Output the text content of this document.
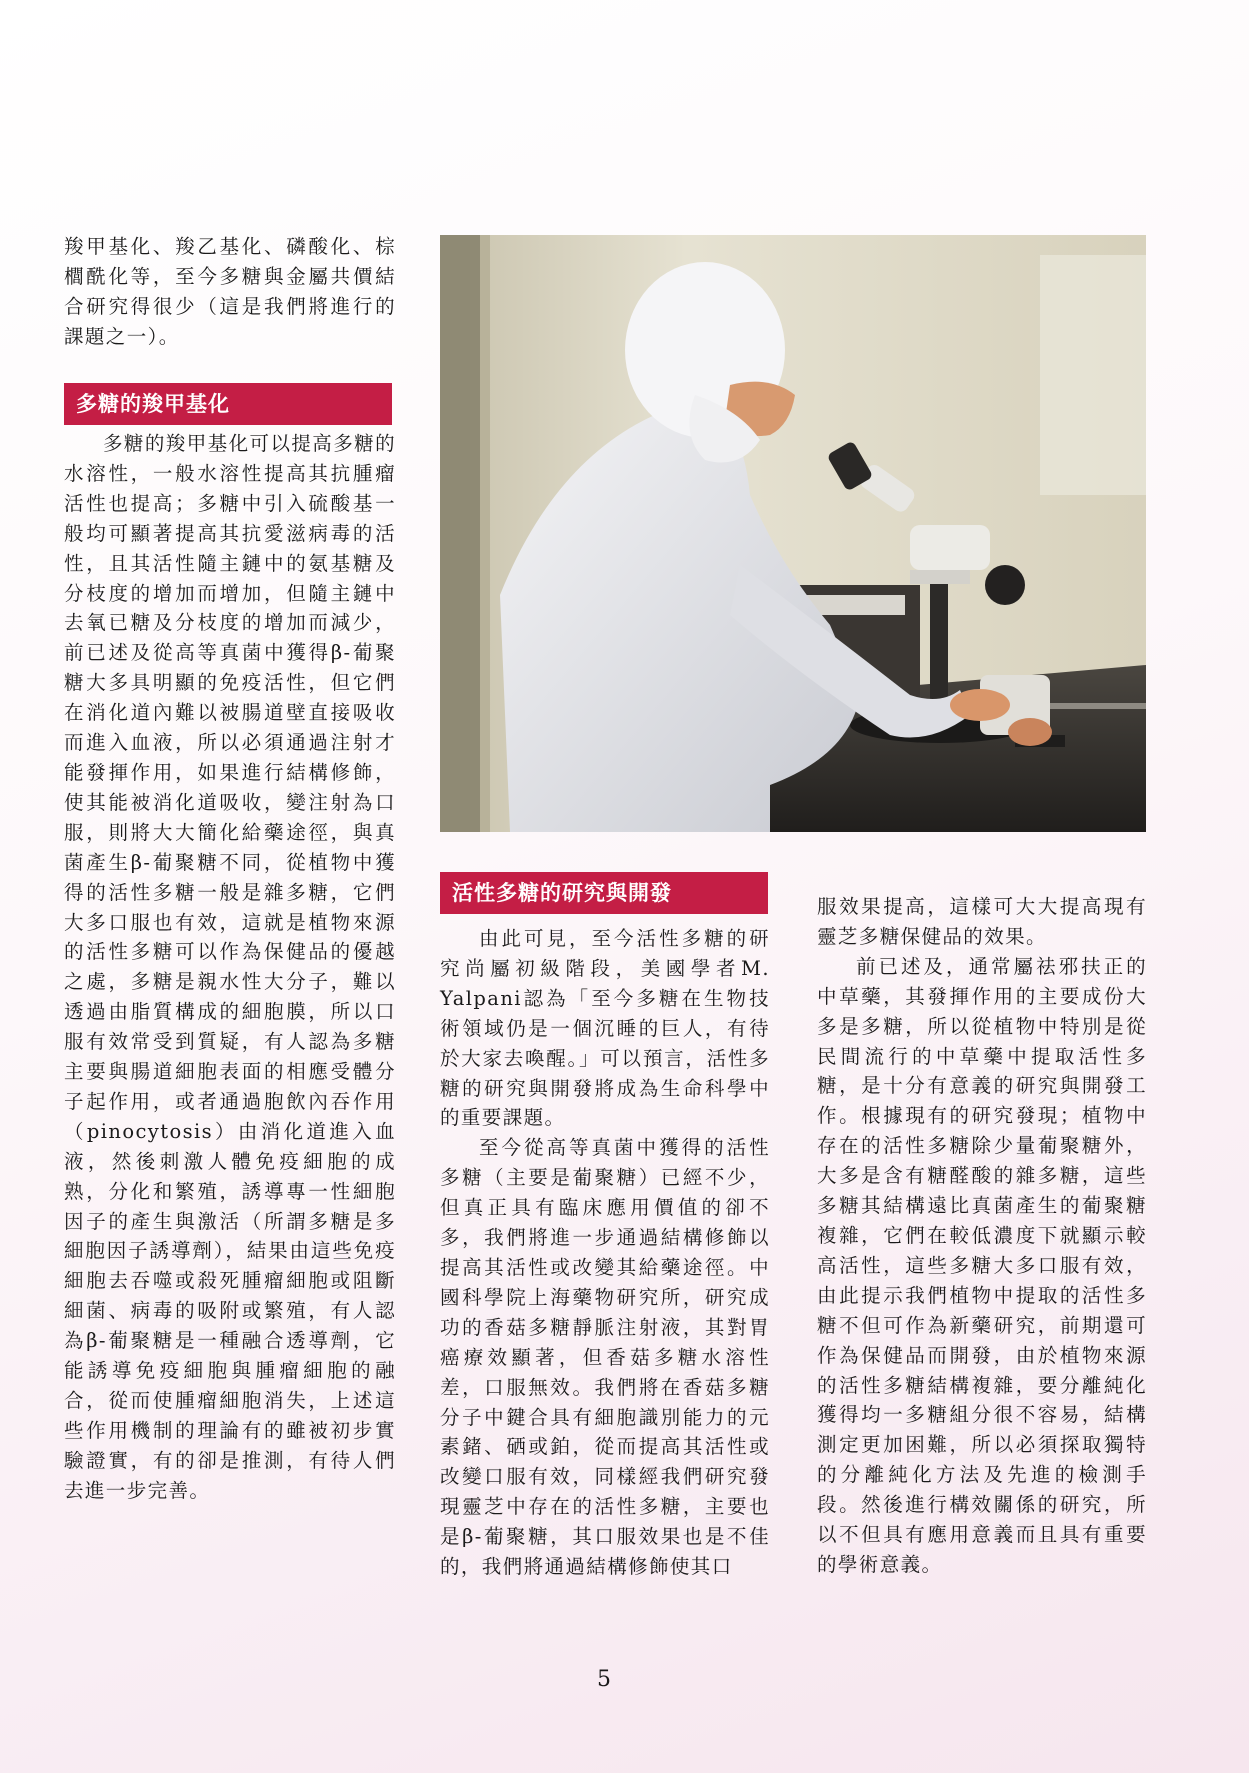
羧甲基化、羧乙基化、磷酸化、棕櫚酰化等，至今多糖與金屬共價結合研究得很少（這是我們將進行的課題之一）。

多糖的羧甲基化可以提高多糖的水溶性，一般水溶性提高其抗腫瘤活性也提高；多糖中引入硫酸基一般均可顯著提高其抗愛滋病毒的活性，且其活性隨主鏈中的氨基糖及分枝度的增加而增加，但隨主鏈中去氧已糖及分枝度的增加而減少，前已述及從高等真菌中獲得β-葡聚糖大多具明顯的免疫活性，但它們在消化道內難以被腸道壁直接吸收而進入血液，所以必須通過注射才能發揮作用，如果進行結構修飾，使其能被消化道吸收，變注射為口服，則將大大簡化給藥途徑，與真菌產生β-葡聚糖不同，從植物中獲得的活性多糖一般是雜多糖，它們大多口服也有效，這就是植物來源的活性多糖可以作為保健品的優越之處，多糖是親水性大分子，難以透過由脂質構成的細胞膜，所以口服有效常受到質疑，有人認為多糖主要與腸道細胞表面的相應受體分子起作用，或者通過胞飲內吞作用（pinocytosis）由消化道進入血液，然後刺激人體免疫細胞的成熟，分化和繁殖，誘導專一性細胞因子的產生與激活（所謂多糖是多細胞因子誘導劑），結果由這些免疫細胞去吞噬或殺死腫瘤細胞或阻斷細菌、病毒的吸附或繁殖，有人認為β-葡聚糖是一種融合透導劑，它能誘導免疫細胞與腫瘤細胞的融合，從而使腫瘤細胞消失，上述這些作用機制的理論有的雖被初步實驗證實，有的卻是推測，有待人們去進一步完善。

多糖的羧甲基化
活性多糖的研究與開發

由此可見，至今活性多糖的研究尚屬初級階段，美國學者M. Yalpani認為「至今多糖在生物技術領域仍是一個沉睡的巨人，有待於大家去喚醒。」可以預言，活性多糖的研究與開發將成為生命科學中的重要課題。

至今從高等真菌中獲得的活性多糖（主要是葡聚糖）已經不少，但真正具有臨床應用價值的卻不多，我們將進一步通過結構修飾以提高其活性或改變其給藥途徑。中國科學院上海藥物研究所，研究成功的香菇多糖靜脈注射液，其對胃癌療效顯著，但香菇多糖水溶性差，口服無效。我們將在香菇多糖分子中鍵合具有細胞識別能力的元素鍺、硒或鉑，從而提高其活性或改變口服有效，同樣經我們研究發現靈芝中存在的活性多糖，主要也是β-葡聚糖，其口服效果也是不佳的，我們將通過結構修飾使其口

服效果提高，這樣可大大提高現有靈芝多糖保健品的效果。

前已述及，通常屬祛邪扶正的中草藥，其發揮作用的主要成份大多是多糖，所以從植物中特別是從民間流行的中草藥中提取活性多糖，是十分有意義的研究與開發工作。根據現有的研究發現；植物中存在的活性多糖除少量葡聚糖外，大多是含有糖醛酸的雜多糖，這些多糖其結構遠比真菌產生的葡聚糖複雜，它們在較低濃度下就顯示較高活性，這些多糖大多口服有效，由此提示我們植物中提取的活性多糖不但可作為新藥研究，前期還可作為保健品而開發，由於植物來源的活性多糖結構複雜，要分離純化獲得均一多糖組分很不容易，結構測定更加困難，所以必須探取獨特的分離純化方法及先進的檢測手段。然後進行構效關係的研究，所以不但具有應用意義而且具有重要的學術意義。

5
